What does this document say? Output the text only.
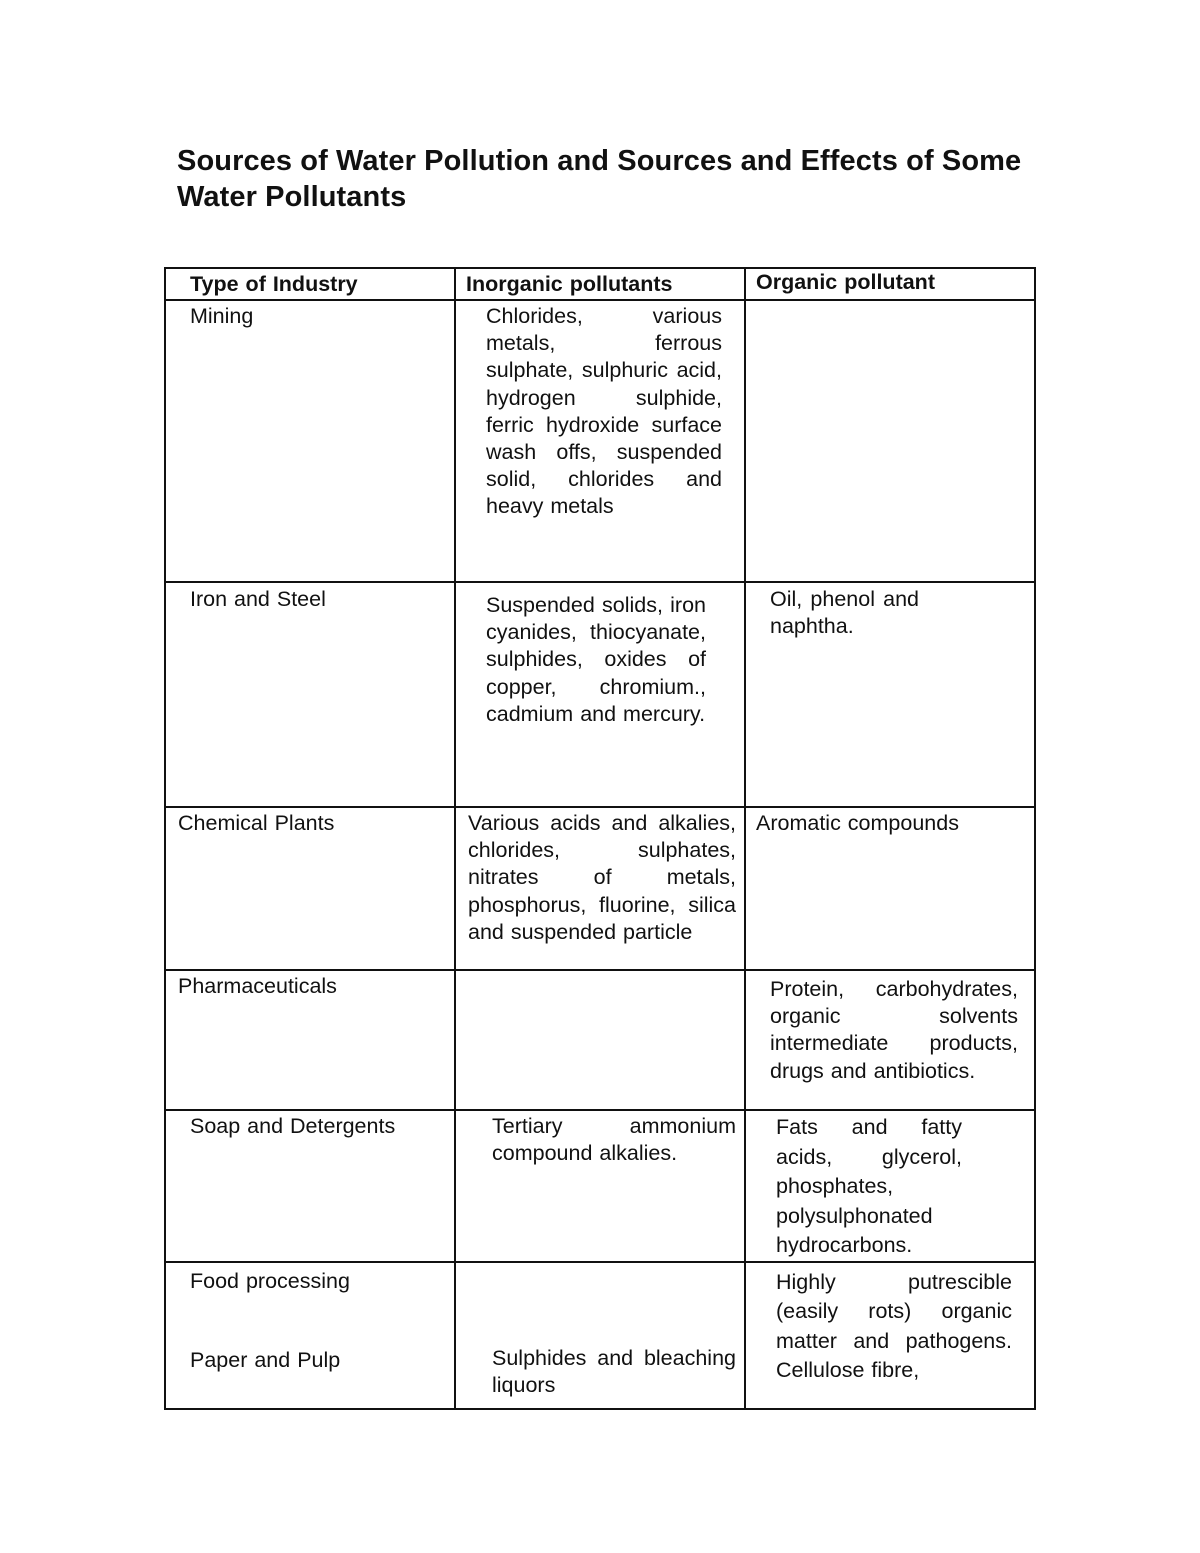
Sources of Water Pollution and Sources and Effects of Some Water Pollutants
Type of Industry	Inorganic pollutants	Organic pollutant

Mining	Chlorides, various metals, ferrous sulphate, sulphuric acid, hydrogen sulphide, ferric hydroxide surface wash offs, suspended solid, chlorides and heavy metals	

Iron and Steel	Suspended solids, iron cyanides, thiocyanate, sulphides, oxides of copper, chromium., cadmium and mercury.	Oil, phenol and naphtha.

Chemical Plants	Various acids and alkalies, chlorides, sulphates, nitrates of metals, phosphorus, fluorine, silica and suspended particle	Aromatic compounds

Pharmaceuticals		Protein, carbohydrates, organic solvents intermediate products, drugs and antibiotics.

Soap and Detergents	Tertiary ammonium compound alkalies.	Fats and fatty acids, glycerol, phosphates, polysulphonated hydrocarbons.

Food processing
Paper and Pulp	Sulphides and bleaching liquors	Highly putrescible (easily rots) organic matter and pathogens. Cellulose fibre,
